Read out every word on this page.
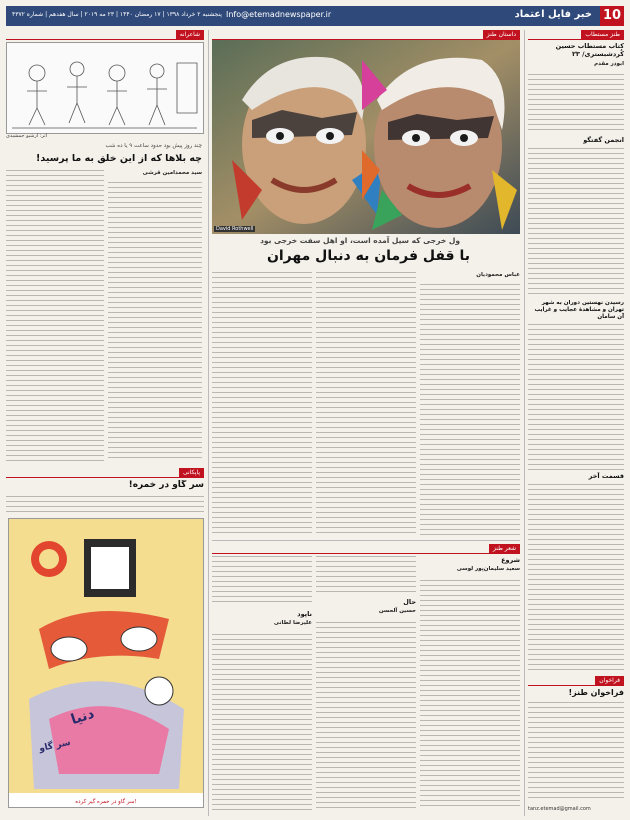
10
خبر فایل اعتماد
Info@etemadnewspaper.ir
پنجشنبه ۲ خرداد ۱۳۹۸ | ۱۷ رمضان ۱۴۴۰ | ۲۳ مه ۲۰۱۹ | سال هفدهم | شماره ۴۳۷۲
طنز مستطاب
کتاب مستطاب حسین کُردشبستری/ ۲۳
ابوذر مقدم
انجمن گفتگو
رسیدن نهستین دوران به شهر تهران و مشاهدهٔ عجایب و غرایب آن سامان
قسمت آخر
فراخوان
فراخوان طنز!
tanz.etemad@gmail.com
داستان طنز
David Rothwell
ول خرجی که سیل آمده است، او اهل سفت خرجی بود
با قفل فرمان به دنبال مهران
عباس محمودیان
شعر طنز
شروع
سعید سلیمان‌پور لوسی
حال
حسین آلحسن
ناپود
علیرضا لطانی
شاعرانه
اثر: آرشیو جمشیدی
چند روز پیش بود حدود ساعت ۹ یا ده شب
چه بلاها که از این خلق به ما پرسید!
سید محمدامین قرشی
پاپکانی
سر گاو در خمره!
دنیا
سر گاو
سر گاو در خمره گیر کرده!
